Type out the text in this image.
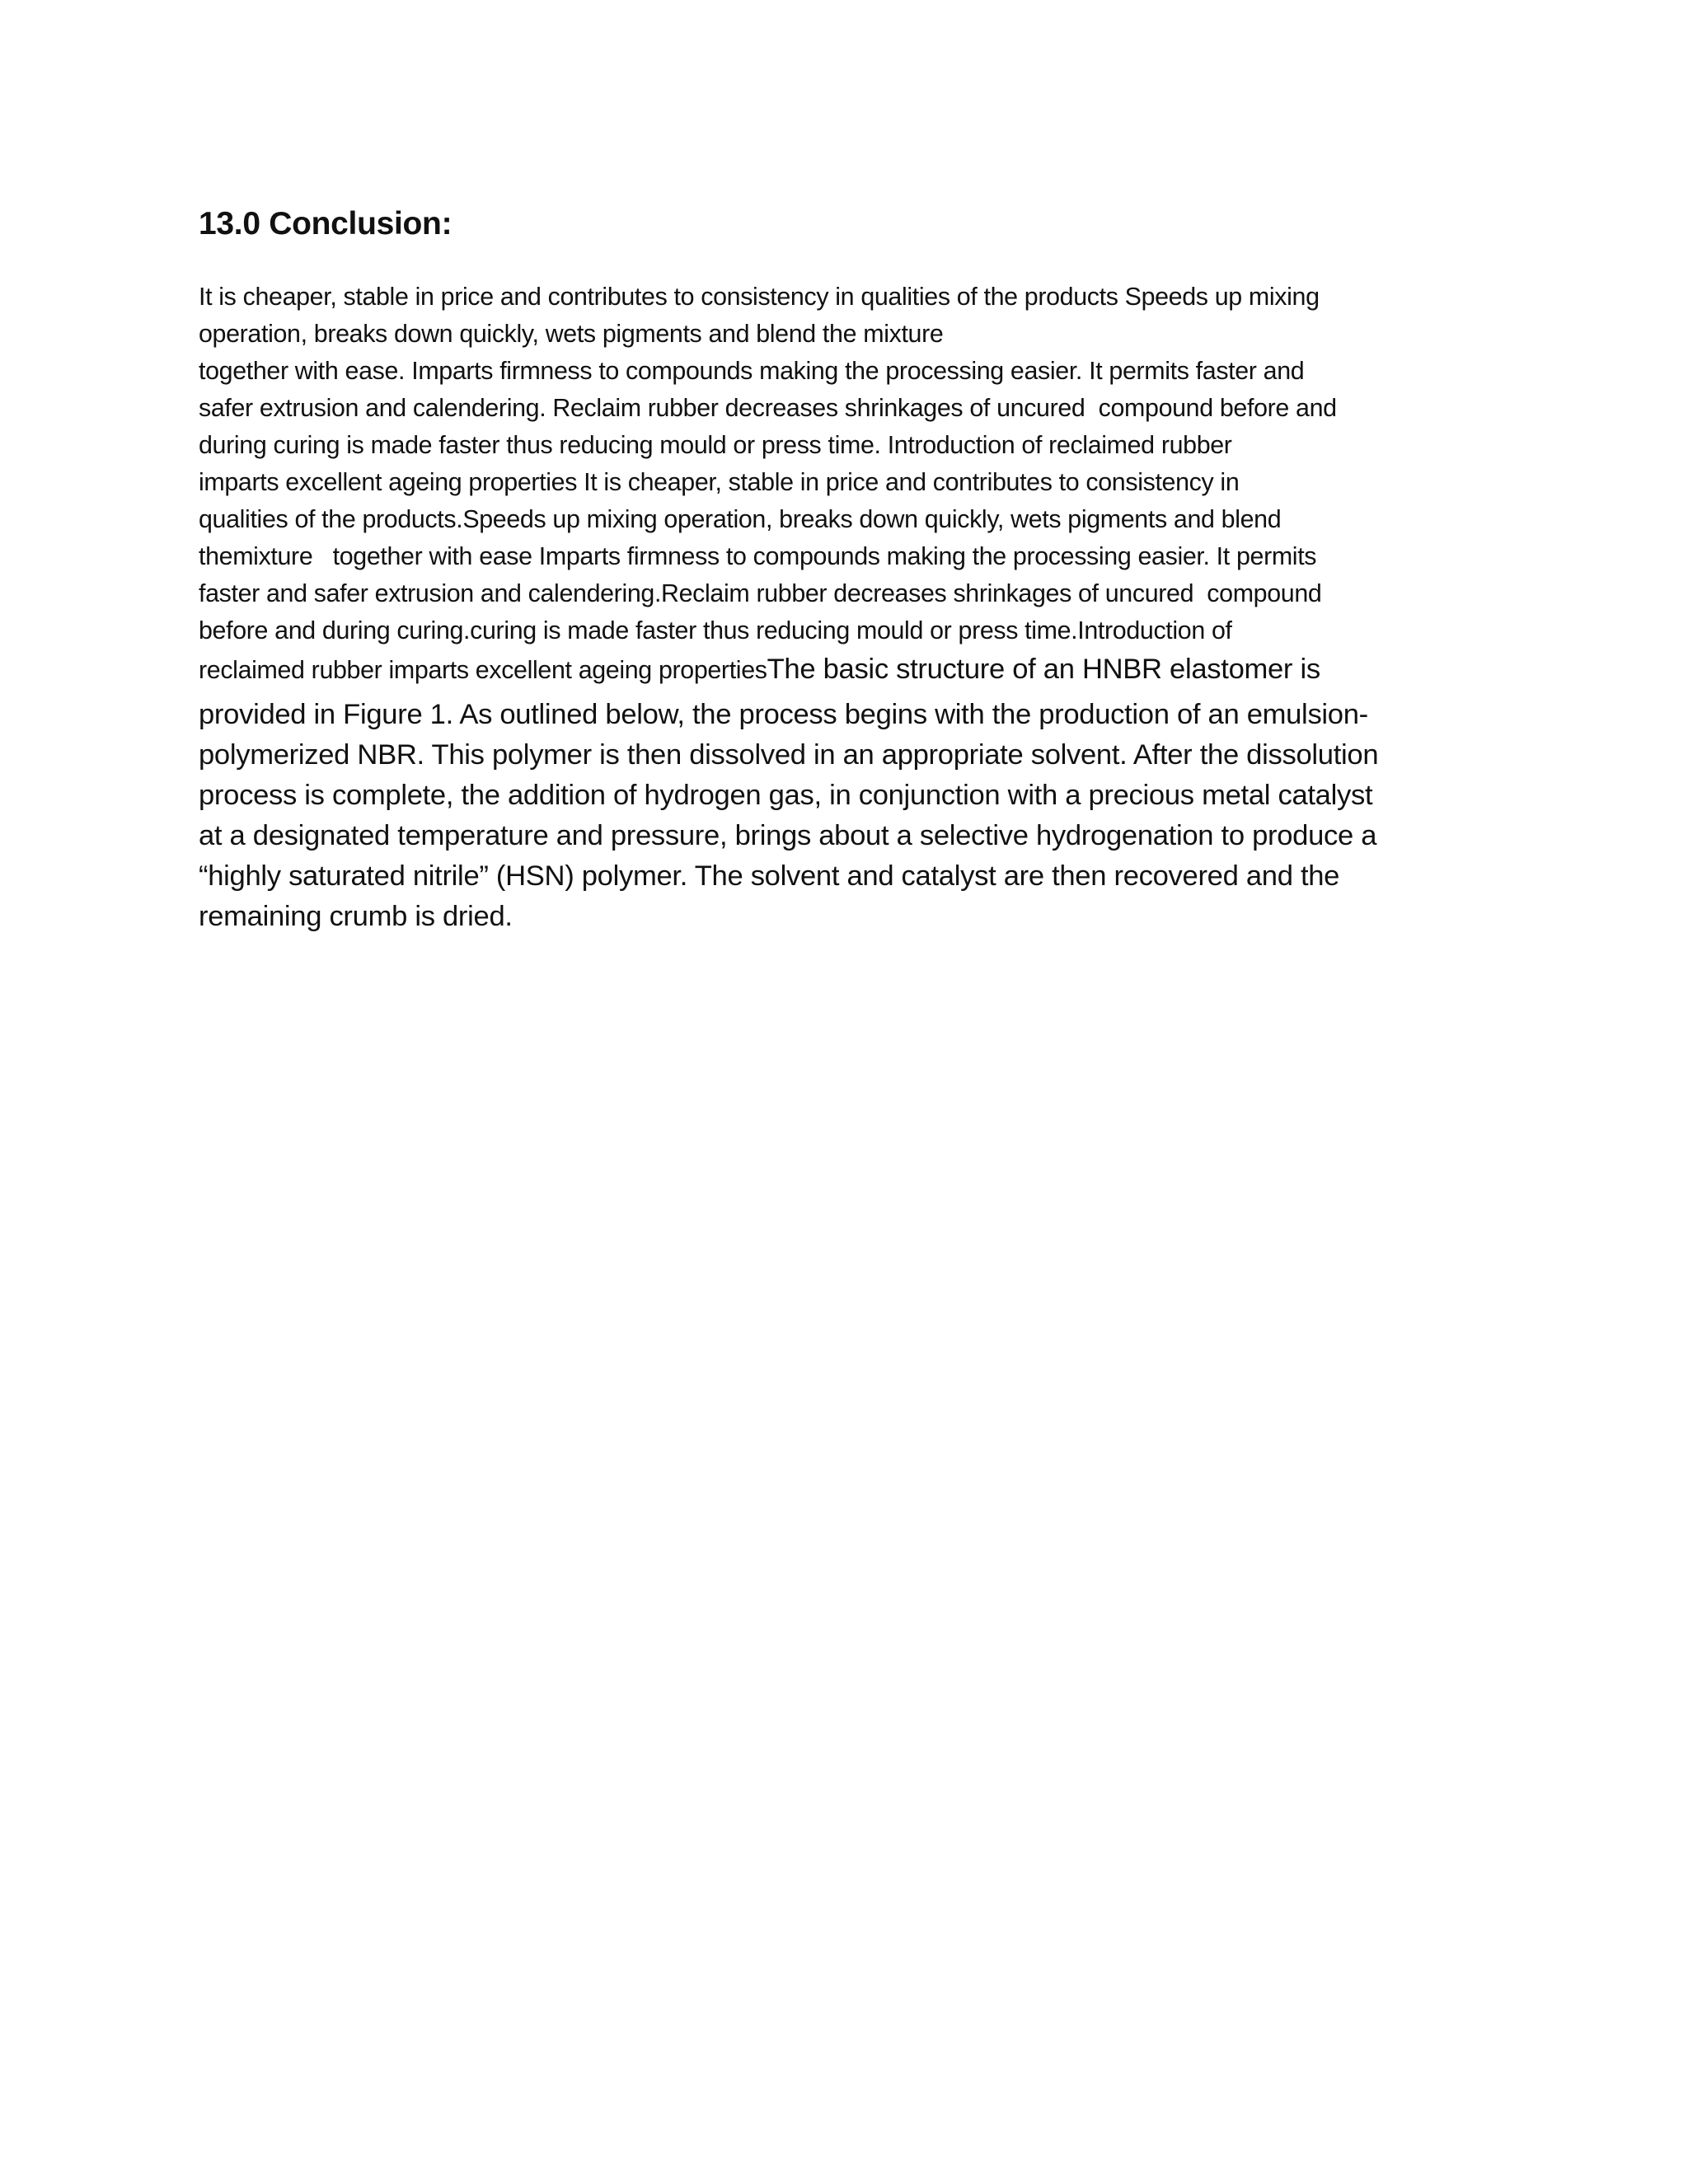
13.0 Conclusion:
It is cheaper, stable in price and contributes to consistency in qualities of the products Speeds up mixing
operation, breaks down quickly, wets pigments and blend the mixture
together with ease. Imparts firmness to compounds making the processing easier. It permits faster and
safer extrusion and calendering. Reclaim rubber decreases shrinkages of uncured  compound before and
during curing is made faster thus reducing mould or press time. Introduction of reclaimed rubber
imparts excellent ageing properties It is cheaper, stable in price and contributes to consistency in
qualities of the products.Speeds up mixing operation, breaks down quickly, wets pigments and blend
themixture   together with ease Imparts firmness to compounds making the processing easier. It permits
faster and safer extrusion and calendering.Reclaim rubber decreases shrinkages of uncured  compound
before and during curing.curing is made faster thus reducing mould or press time.Introduction of
reclaimed rubber imparts excellent ageing propertiesThe basic structure of an HNBR elastomer is
provided in Figure 1. As outlined below, the process begins with the production of an emulsion-
polymerized NBR. This polymer is then dissolved in an appropriate solvent. After the dissolution
process is complete, the addition of hydrogen gas, in conjunction with a precious metal catalyst
at a designated temperature and pressure, brings about a selective hydrogenation to produce a
“highly saturated nitrile” (HSN) polymer. The solvent and catalyst are then recovered and the
remaining crumb is dried.
